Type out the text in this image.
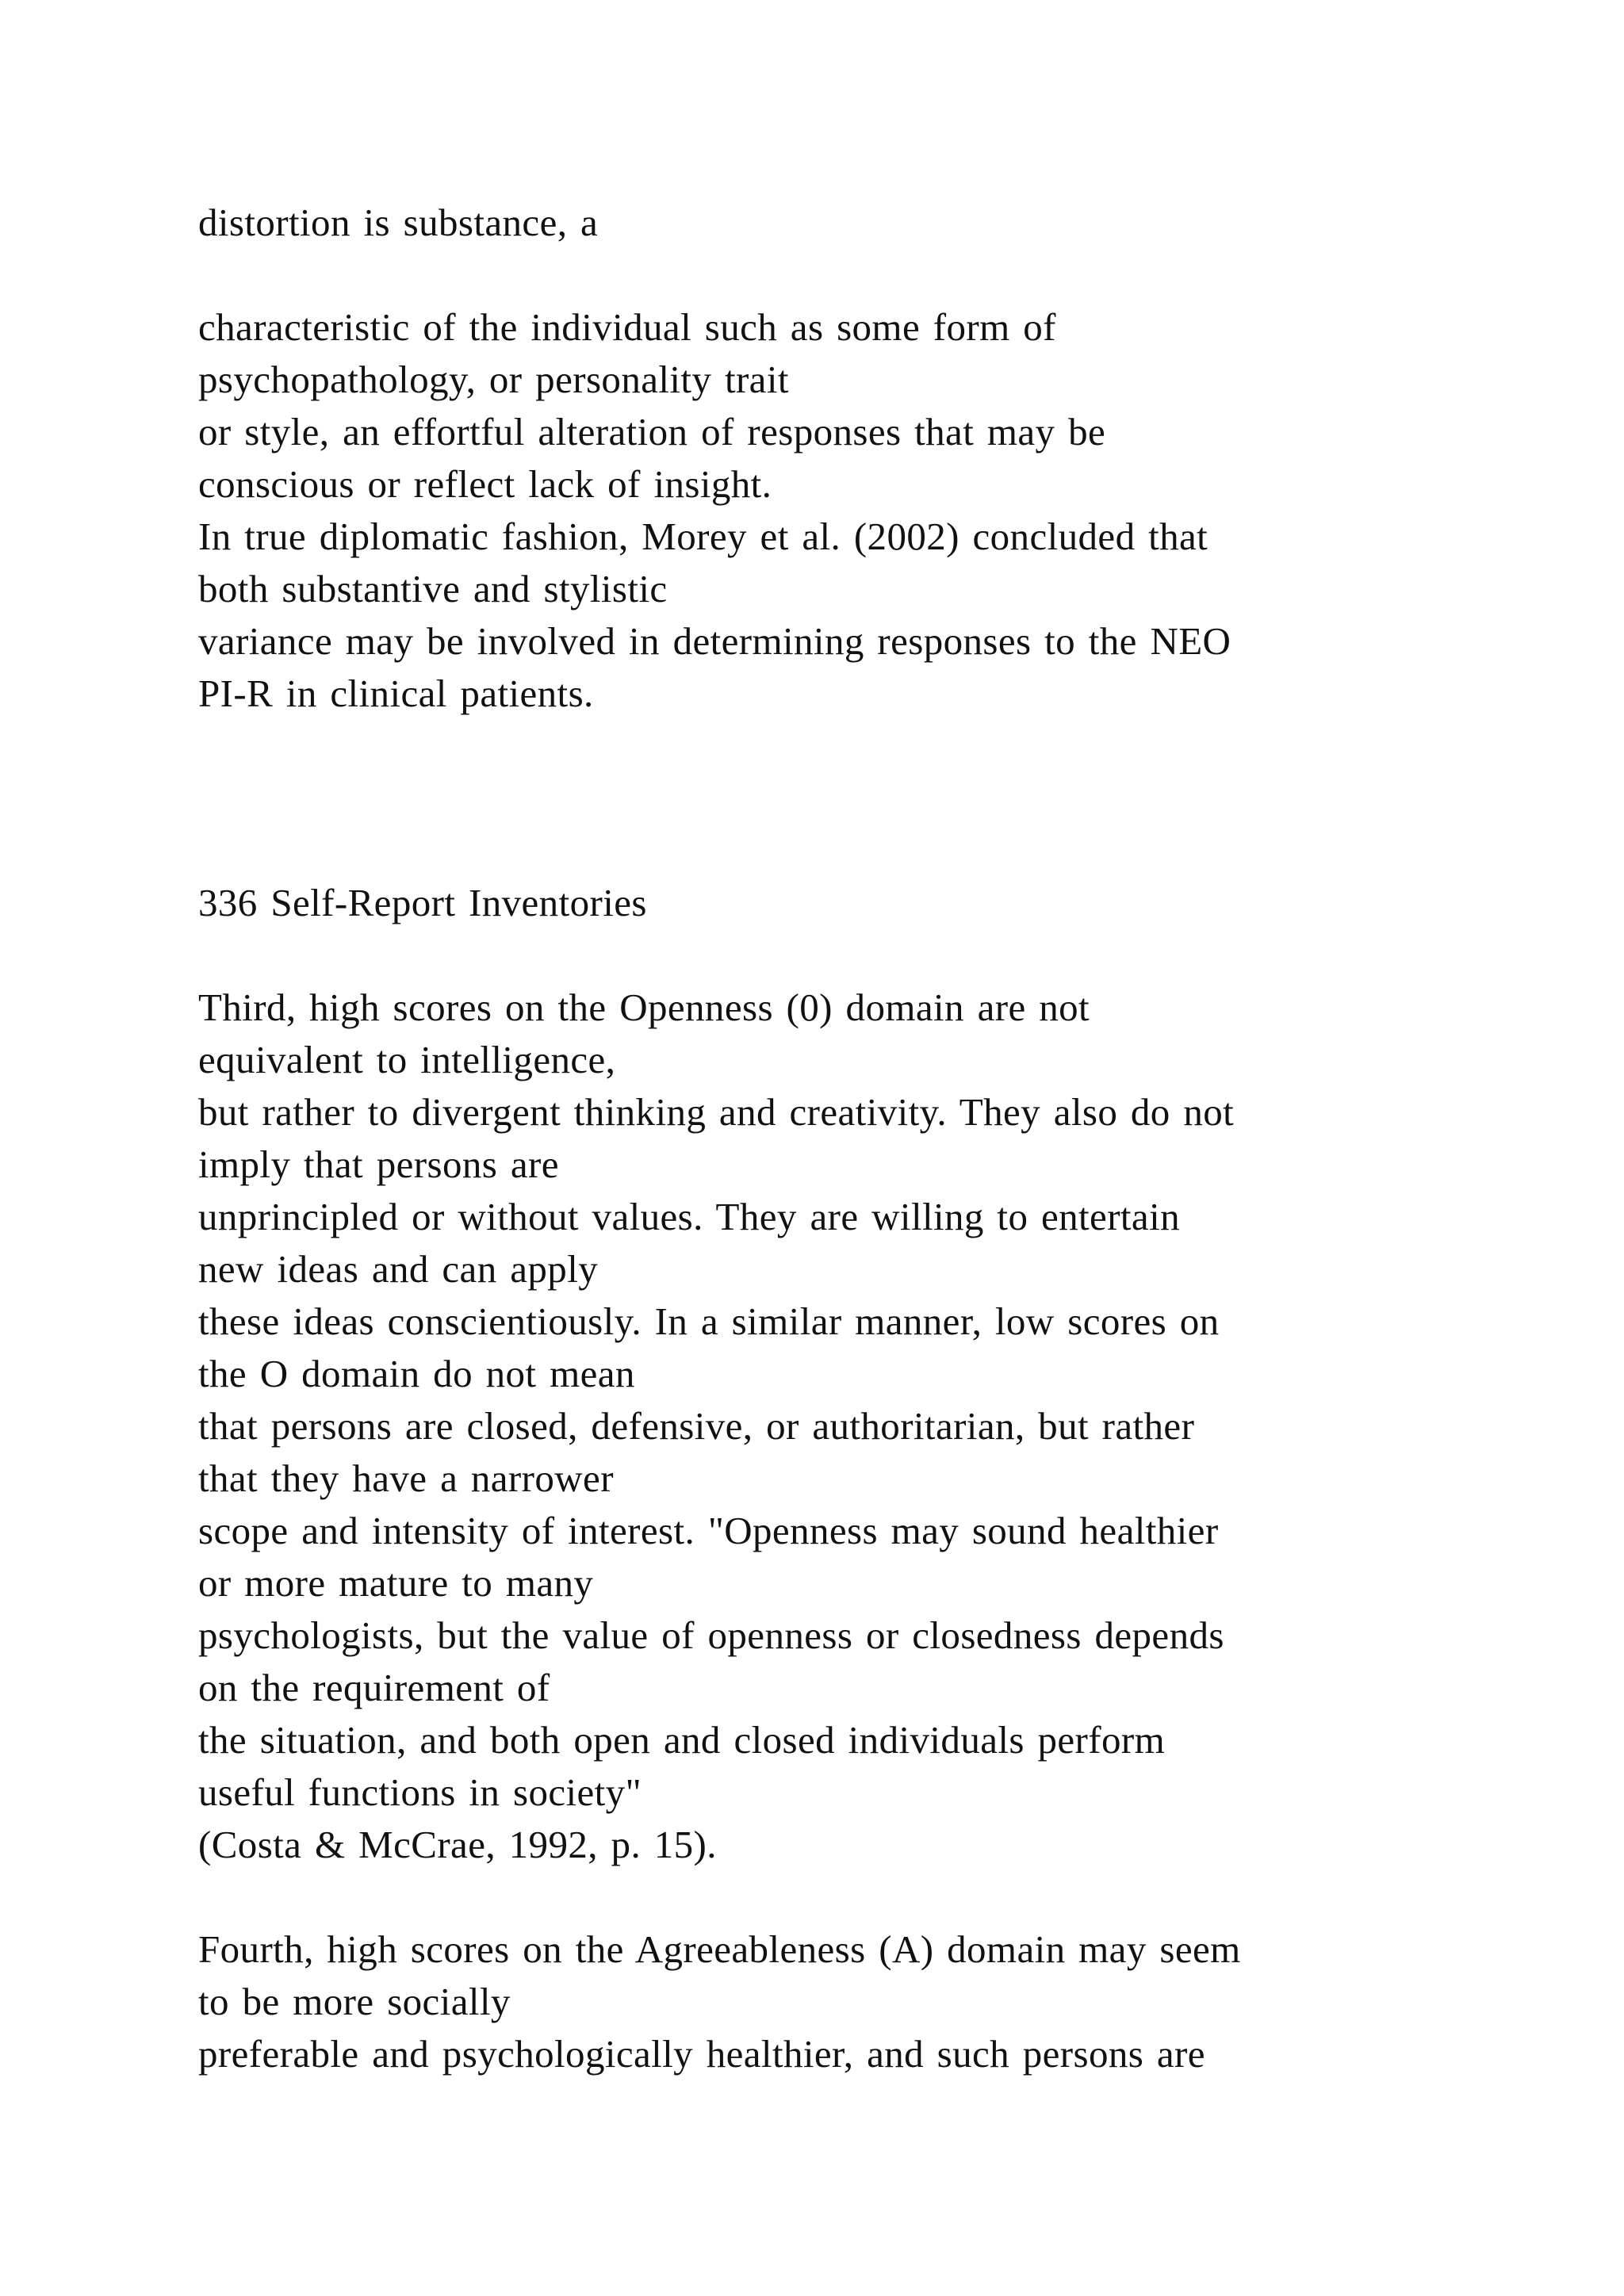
distortion is substance, a
characteristic of the individual such as some form of
psychopathology, or personality trait
or style, an effortful alteration of responses that may be
conscious or reflect lack of insight.
In true diplomatic fashion, Morey et al. (2002) concluded that
both substantive and stylistic
variance may be involved in determining responses to the NEO
PI-R in clinical patients.
336 Self-Report Inventories
Third, high scores on the Openness (0) domain are not
equivalent to intelligence,
but rather to divergent thinking and creativity. They also do not
imply that persons are
unprincipled or without values. They are willing to entertain
new ideas and can apply
these ideas conscientiously. In a similar manner, low scores on
the O domain do not mean
that persons are closed, defensive, or authoritarian, but rather
that they have a narrower
scope and intensity of interest. "Openness may sound healthier
or more mature to many
psychologists, but the value of openness or closedness depends
on the requirement of
the situation, and both open and closed individuals perform
useful functions in society"
(Costa & McCrae, 1992, p. 15).
Fourth, high scores on the Agreeableness (A) domain may seem
to be more socially
preferable and psychologically healthier, and such persons are
